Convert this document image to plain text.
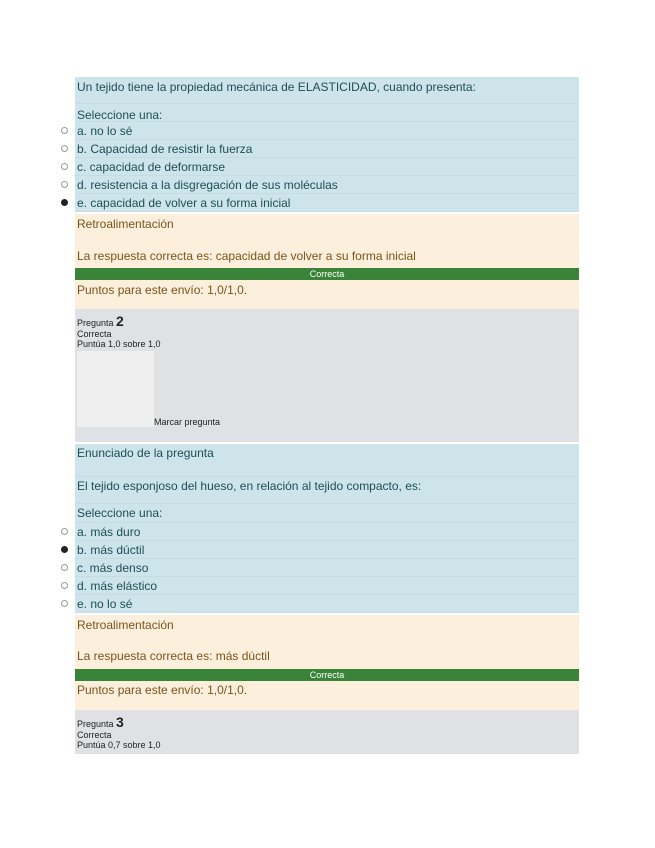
Un tejido tiene la propiedad mecánica de ELASTICIDAD, cuando presenta:
Seleccione una:
a. no lo sé
b. Capacidad de resistir la fuerza
c. capacidad de deformarse
d. resistencia a la disgregación de sus moléculas
e. capacidad de volver a su forma inicial
Retroalimentación
La respuesta correcta es: capacidad de volver a su forma inicial
Correcta
Puntos para este envío: 1,0/1,0.
Pregunta 2
Correcta
Puntúa 1,0 sobre 1,0
Marcar pregunta
Enunciado de la pregunta
El tejido esponjoso del hueso, en relación al tejido compacto, es:
Seleccione una:
a. más duro
b. más dúctil
c. más denso
d. más elástico
e. no lo sé
Retroalimentación
La respuesta correcta es: más dúctil
Correcta
Puntos para este envío: 1,0/1,0.
Pregunta 3
Correcta
Puntúa 0,7 sobre 1,0
